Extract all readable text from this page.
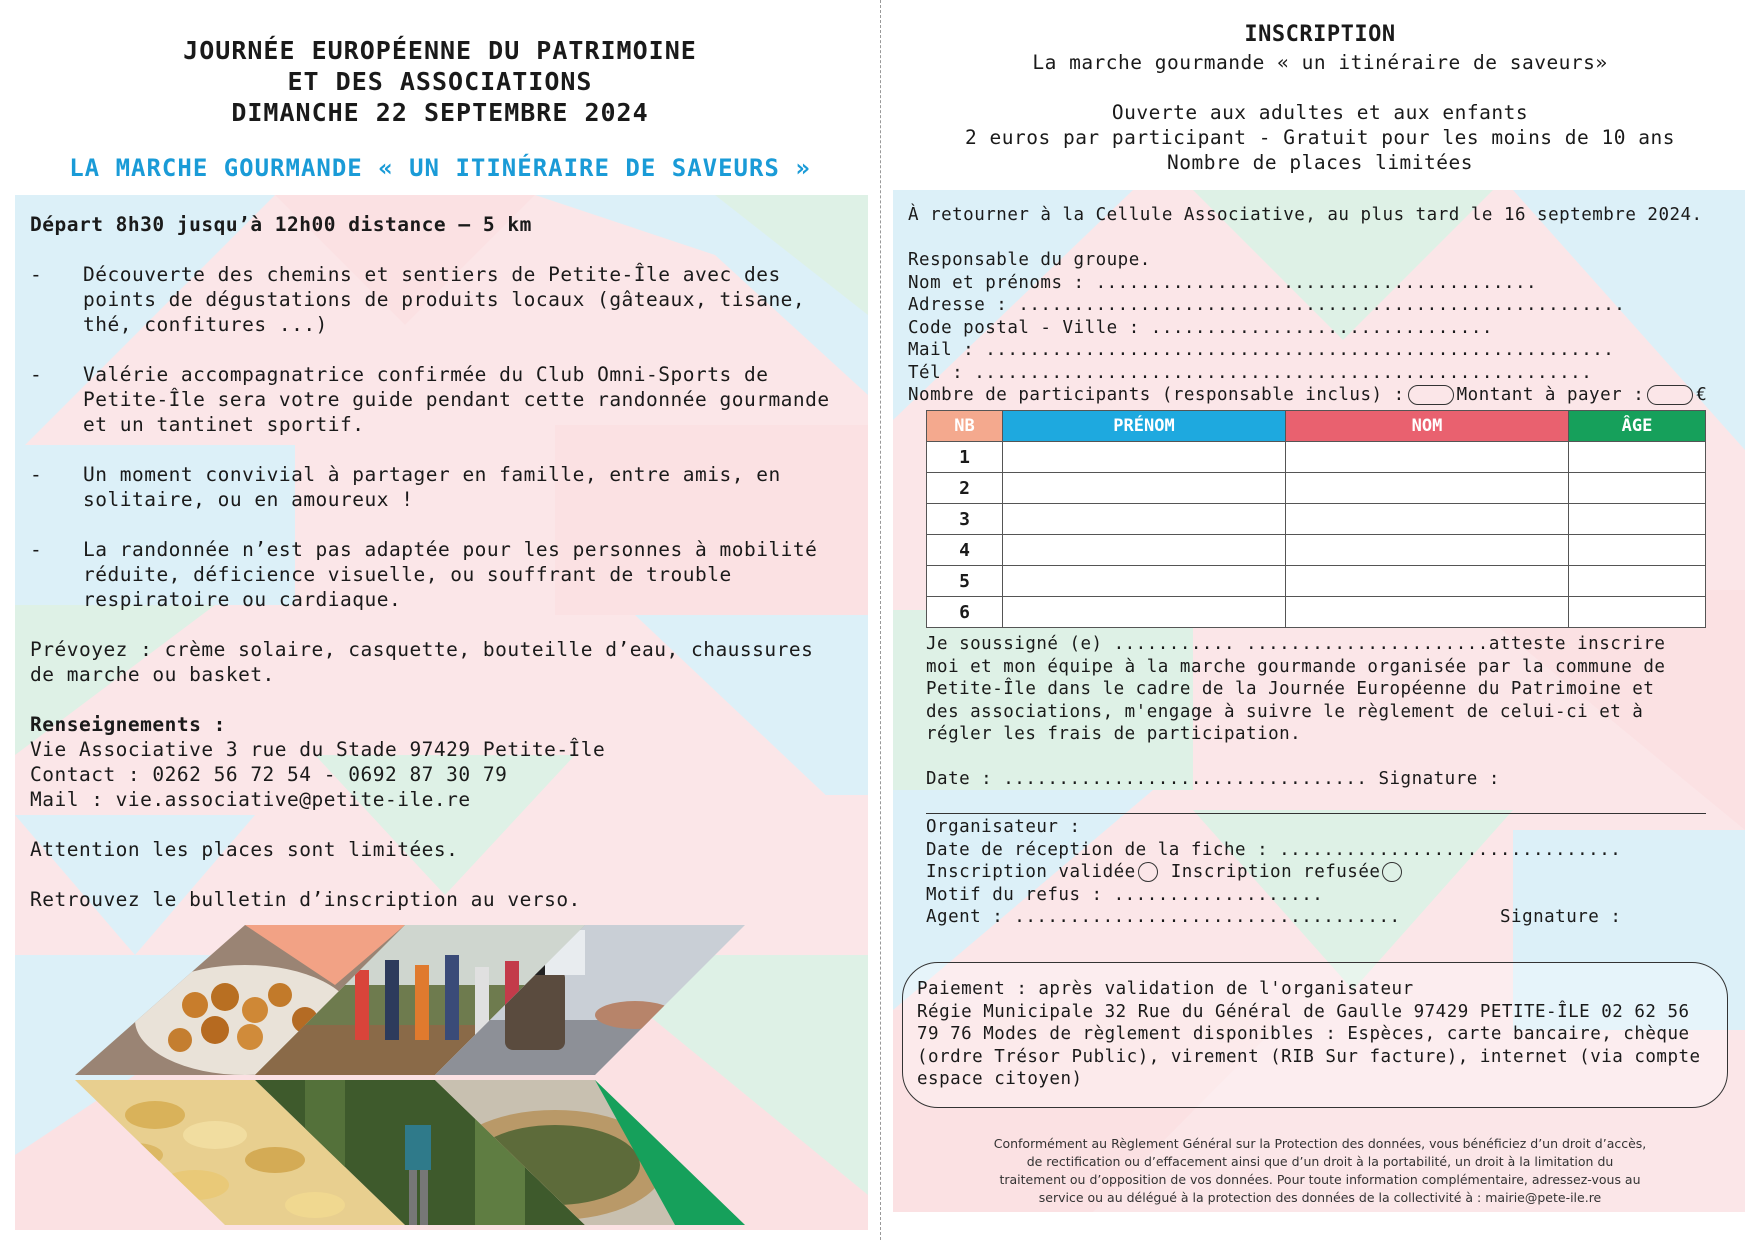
JOURNÉE EUROPÉENNE DU PATRIMOINE
ET DES ASSOCIATIONS
DIMANCHE 22 SEPTEMBRE 2024
LA MARCHE GOURMANDE « UN ITINÉRAIRE DE SAVEURS »
Départ 8h30 jusqu’à 12h00 distance – 5 km
- Découverte des chemins et sentiers de Petite-Île avec des
points de dégustations de produits locaux (gâteaux, tisane,
thé, confitures ...)
- Valérie accompagnatrice confirmée du Club Omni-Sports de
Petite-Île sera votre guide pendant cette randonnée gourmande
et un tantinet sportif.
- Un moment convivial à partager en famille, entre amis, en
solitaire, ou en amoureux !
- La randonnée n’est pas adaptée pour les personnes à mobilité
réduite, déficience visuelle, ou souffrant de trouble
respiratoire ou cardiaque.
Prévoyez : crème solaire, casquette, bouteille d’eau, chaussures
de marche ou basket.
Renseignements :
Vie Associative 3 rue du Stade 97429 Petite-Île
Contact : 0262 56 72 54 - 0692 87 30 79
Mail : vie.associative@petite-ile.re
Attention les places sont limitées.
Retrouvez le bulletin d’inscription au verso.
INSCRIPTION
La marche gourmande « un itinéraire de saveurs»
Ouverte aux adultes et aux enfants
2 euros par participant - Gratuit pour les moins de 10 ans
Nombre de places limitées
À retourner à la Cellule Associative, au plus tard le 16 septembre 2024.
Responsable du groupe.
Nom et prénoms : ........................................
Adresse : .......................................................
Code postal - Ville : ...............................
Mail : .........................................................
Tél : ........................................................
Nombre de participants (responsable inclus) :	Montant à payer :	€
NB	PRÉNOM	NOM	ÂGE
1			
2			
3			
4			
5			
6			
Je soussigné (e) ........... ......................atteste inscrire
moi et mon équipe à la marche gourmande organisée par la commune de
Petite-Île dans le cadre de la Journée Européenne du Patrimoine et
des associations, m'engage à suivre le règlement de celui-ci et à
régler les frais de participation.
Date : ................................. Signature :
Organisateur :
Date de réception de la fiche : ...............................
Inscription validée Inscription refusée
Motif du refus : ...................
Agent : ...................................	Signature :
Paiement : après validation de l'organisateur
Régie Municipale 32 Rue du Général de Gaulle 97429 PETITE-ÎLE 02 62 56
79 76 Modes de règlement disponibles : Espèces, carte bancaire, chèque
(ordre Trésor Public), virement (RIB Sur facture), internet (via compte
espace citoyen)
Conformément au Règlement Général sur la Protection des données, vous bénéficiez d’un droit d’accès,
de rectification ou d’effacement ainsi que d’un droit à la portabilité, un droit à la limitation du
traitement ou d’opposition de vos données. Pour toute information complémentaire, adressez-vous au
service ou au délégué à la protection des données de la collectivité à : mairie@pete-ile.re
